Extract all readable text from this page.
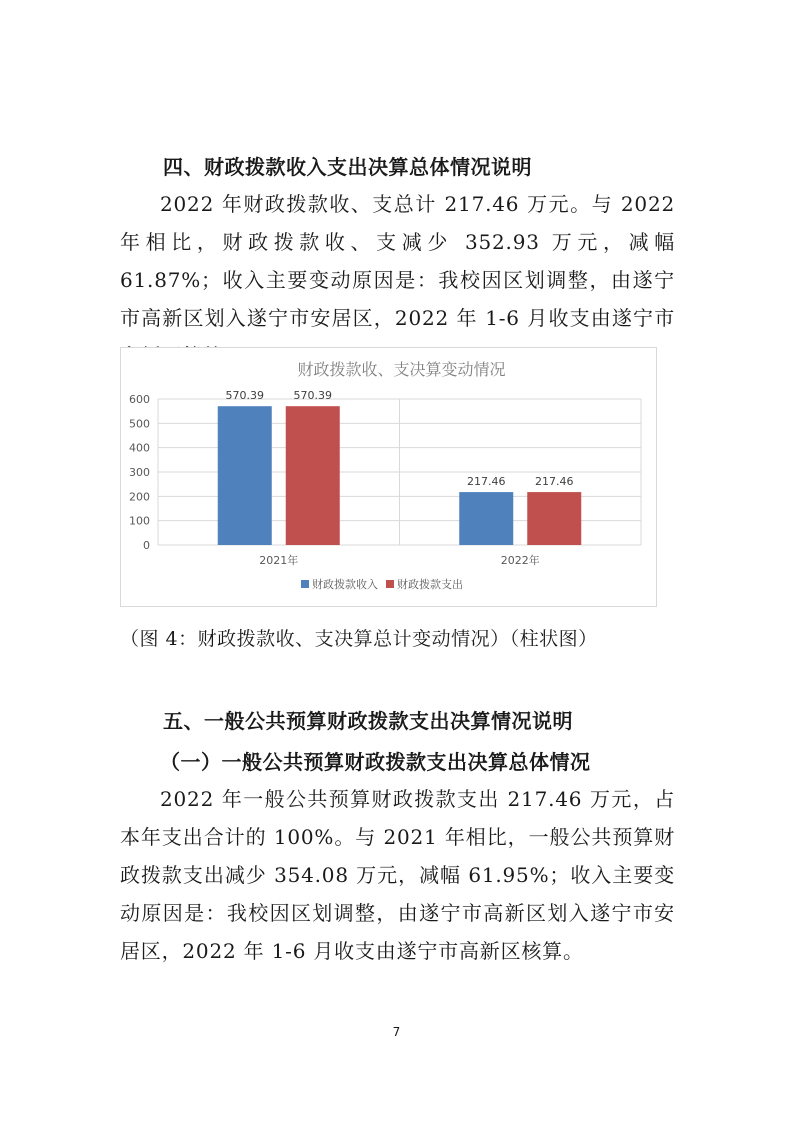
四、财政拨款收入支出决算总体情况说明
2022 年财政拨款收、支总计 217.46 万元。与 2022 年相比，财政拨款收、支减少 352.93 万元，减幅 61.87%；收入主要变动原因是：我校因区划调整，由遂宁市高新区划入遂宁市安居区，2022 年 1-6 月收支由遂宁市
财政拨款收、支决算变动情况
0
100
200
300
400
500
600	570.39	570.39
2021年
217.46	217.46
2022年
财政拨款收入 财政拨款支出
（图 4：财政拨款收、支决算总计变动情况）（柱状图）
五、一般公共预算财政拨款支出决算情况说明
（一）一般公共预算财政拨款支出决算总体情况
2022 年一般公共预算财政拨款支出 217.46 万元，占本年支出合计的 100%。与 2021 年相比，一般公共预算财政拨款支出减少 354.08 万元，减幅 61.95%；收入主要变动原因是：我校因区划调整，由遂宁市高新区划入遂宁市安居区，2022 年 1-6 月收支由遂宁市高新区核算。
7
